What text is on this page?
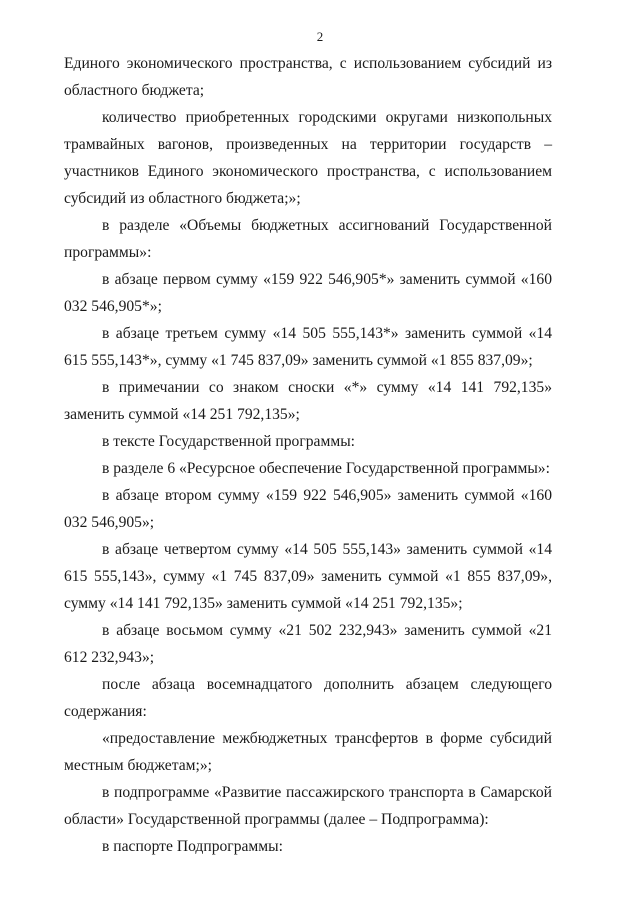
2

Единого экономического пространства, с использованием субсидий из областного бюджета;

количество приобретенных городскими округами низкопольных трамвайных вагонов, произведенных на территории государств – участников Единого экономического пространства, с использованием субсидий из областного бюджета;»;

в разделе «Объемы бюджетных ассигнований Государственной программы»:

в абзаце первом сумму «159 922 546,905*» заменить суммой «160 032 546,905*»;

в абзаце третьем сумму «14 505 555,143*» заменить суммой «14 615 555,143*», сумму «1 745 837,09» заменить суммой «1 855 837,09»;

в примечании со знаком сноски «*» сумму «14 141 792,135» заменить суммой «14 251 792,135»;

в тексте Государственной программы:

в разделе 6 «Ресурсное обеспечение Государственной программы»:

в абзаце втором сумму «159 922 546,905» заменить суммой «160 032 546,905»;

в абзаце четвертом сумму «14 505 555,143» заменить суммой «14 615 555,143», сумму «1 745 837,09» заменить суммой «1 855 837,09», сумму «14 141 792,135» заменить суммой «14 251 792,135»;

в абзаце восьмом сумму «21 502 232,943» заменить суммой «21 612 232,943»;

после абзаца восемнадцатого дополнить абзацем следующего содержания:

«предоставление межбюджетных трансфертов в форме субсидий местным бюджетам;»;

в подпрограмме «Развитие пассажирского транспорта в Самарской области» Государственной программы (далее – Подпрограмма):

в паспорте Подпрограммы:
